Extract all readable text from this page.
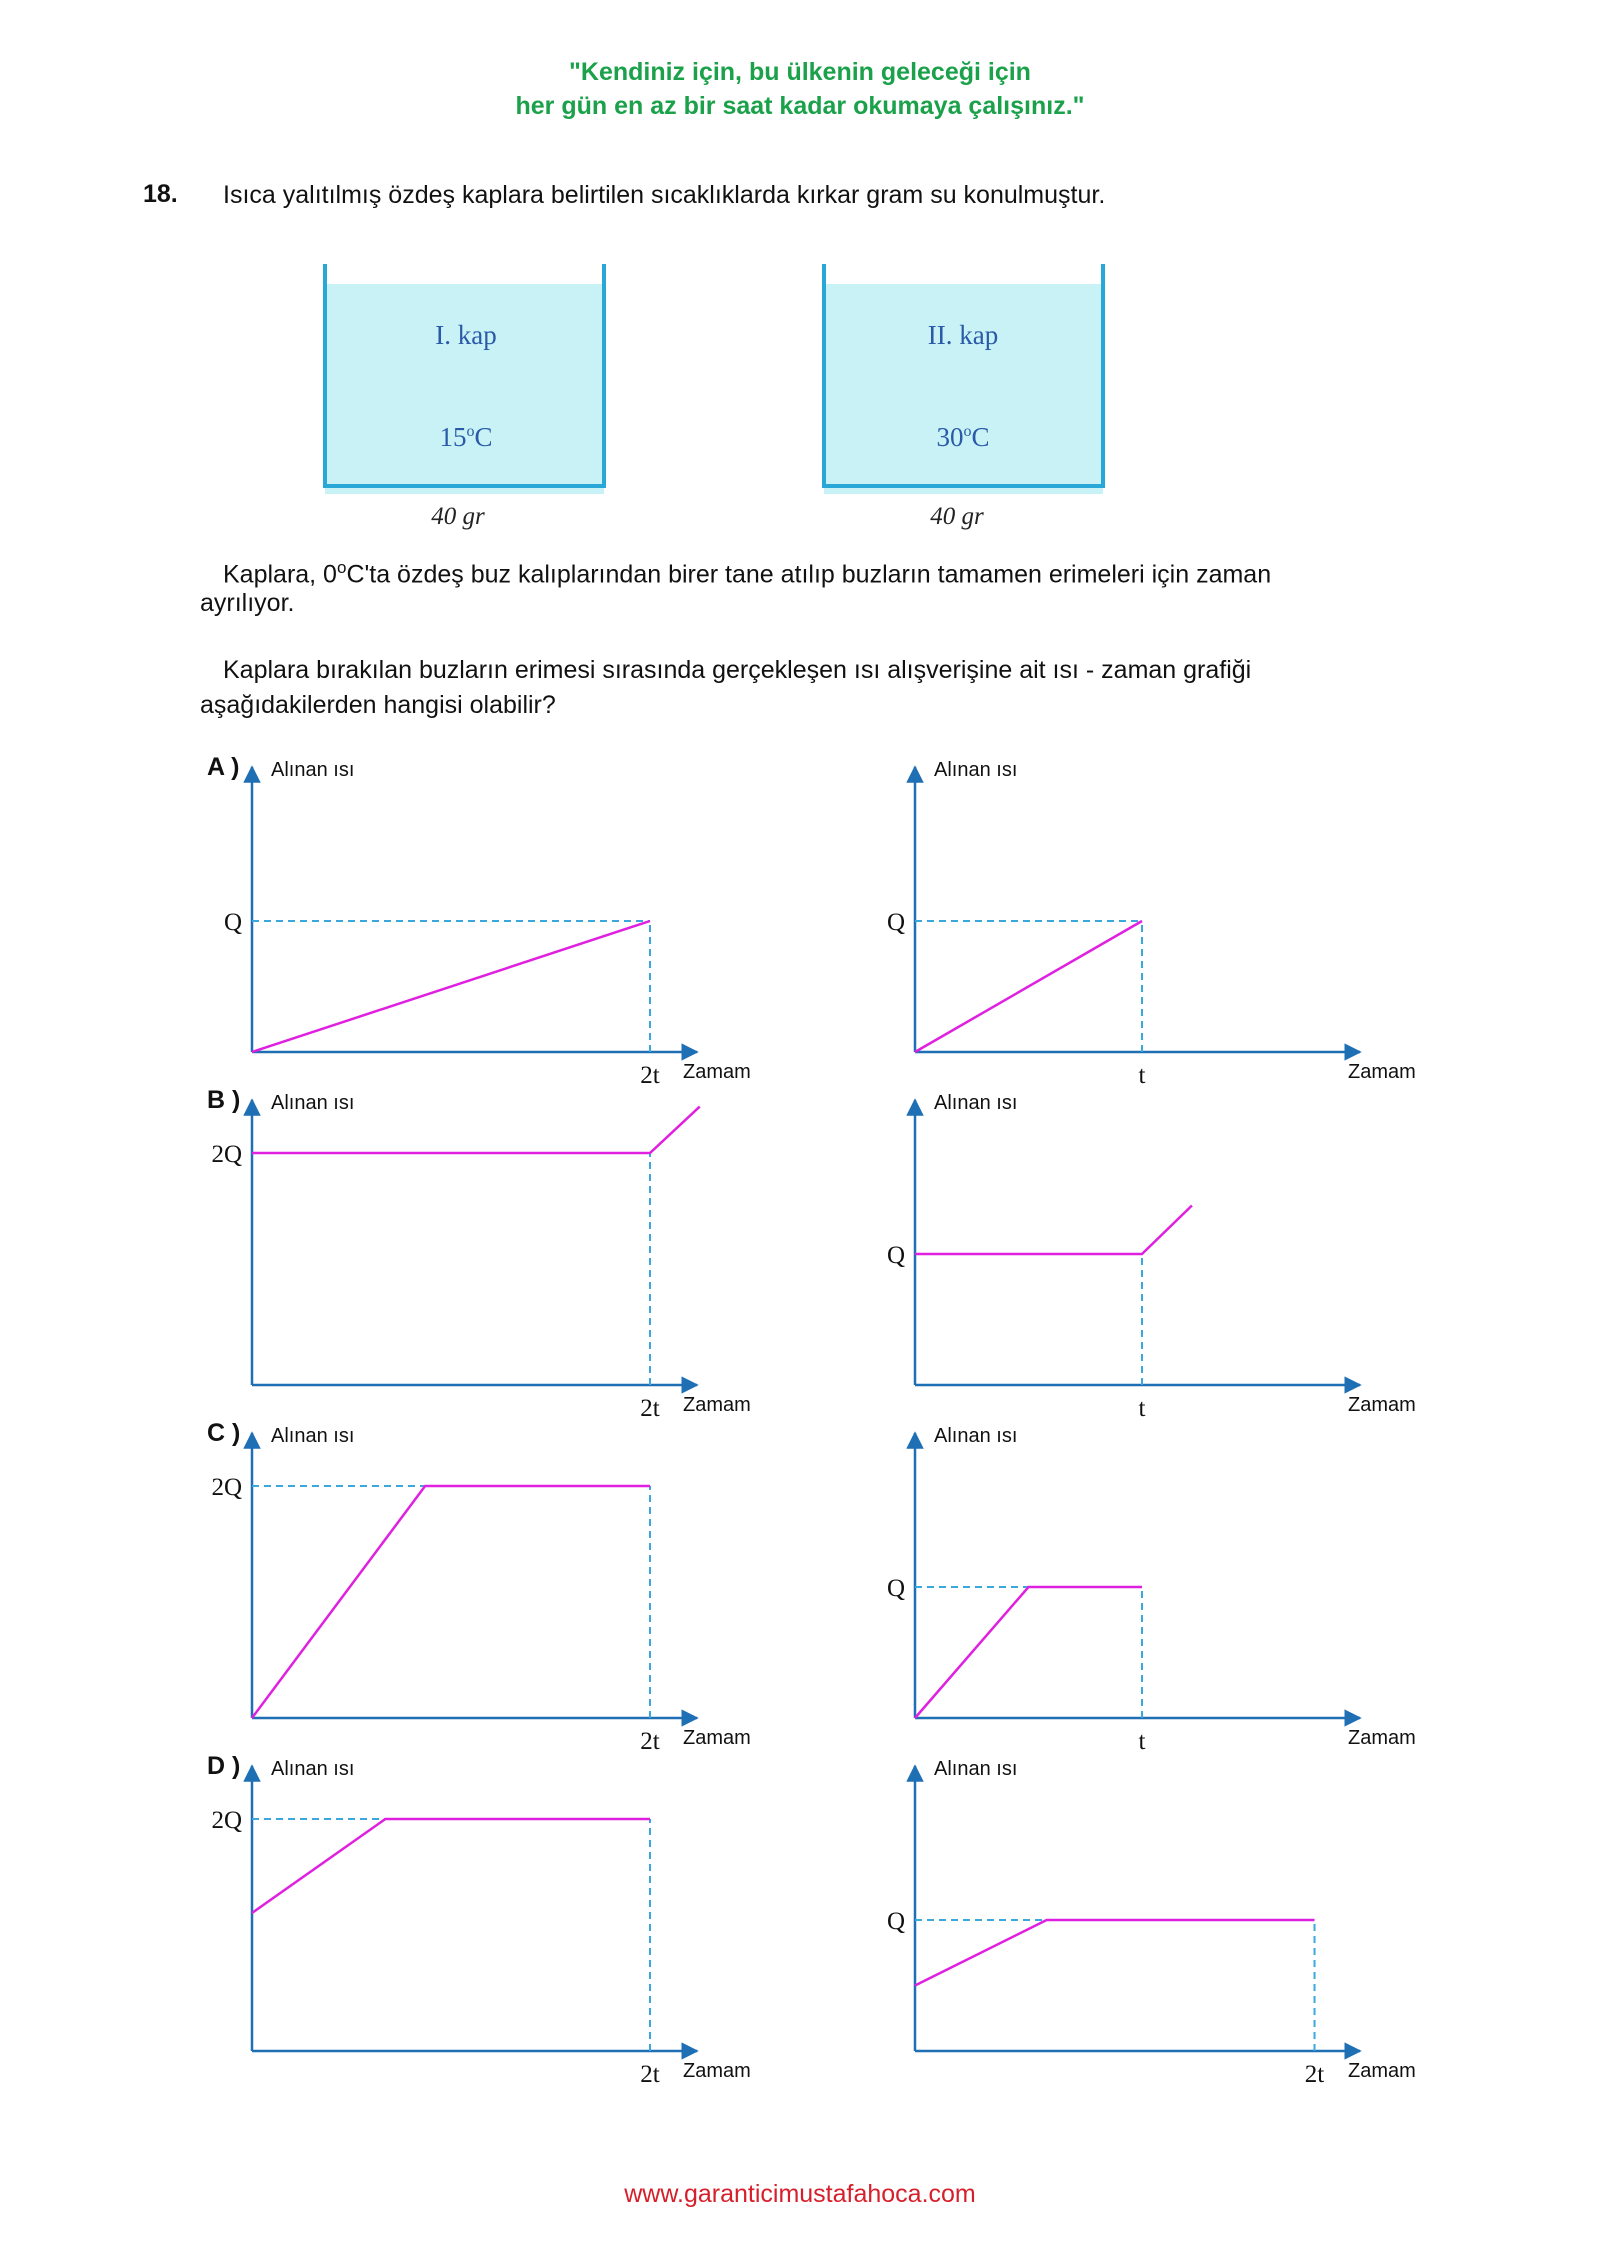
"Kendiniz için, bu ülkenin geleceği için
her gün en az bir saat kadar okumaya çalışınız."
18. Isıca yalıtılmış özdeş kaplara belirtilen sıcaklıklarda kırkar gram su konulmuştur.
I. kap
15$^o$C
40 gr
II. kap
30$^o$C
40 gr
Kaplara, 0$^o$C'ta özdeş buz kalıplarından birer tane atılıp buzların tamamen erimeleri için zaman
ayrılıyor.
Kaplara bırakılan buzların erimesi sırasında gerçekleşen ısı alışverişine ait ısı - zaman grafiği
aşağıdakilerden hangisi olabilir?
A ) Alınan ısı
Zamam
Q
2t
Alınan ısı
Zamam
Q
t
B ) Alınan ısı
Zamam
2Q
2t
Alınan ısı
Zamam
Q
t
C ) Alınan ısı
Zamam
2Q
2t
Alınan ısı
Zamam
Q
t
D ) Alınan ısı
Zamam
2Q
2t
Alınan ısı
Zamam
Q
2t
www.garanticimustafahoca.com
